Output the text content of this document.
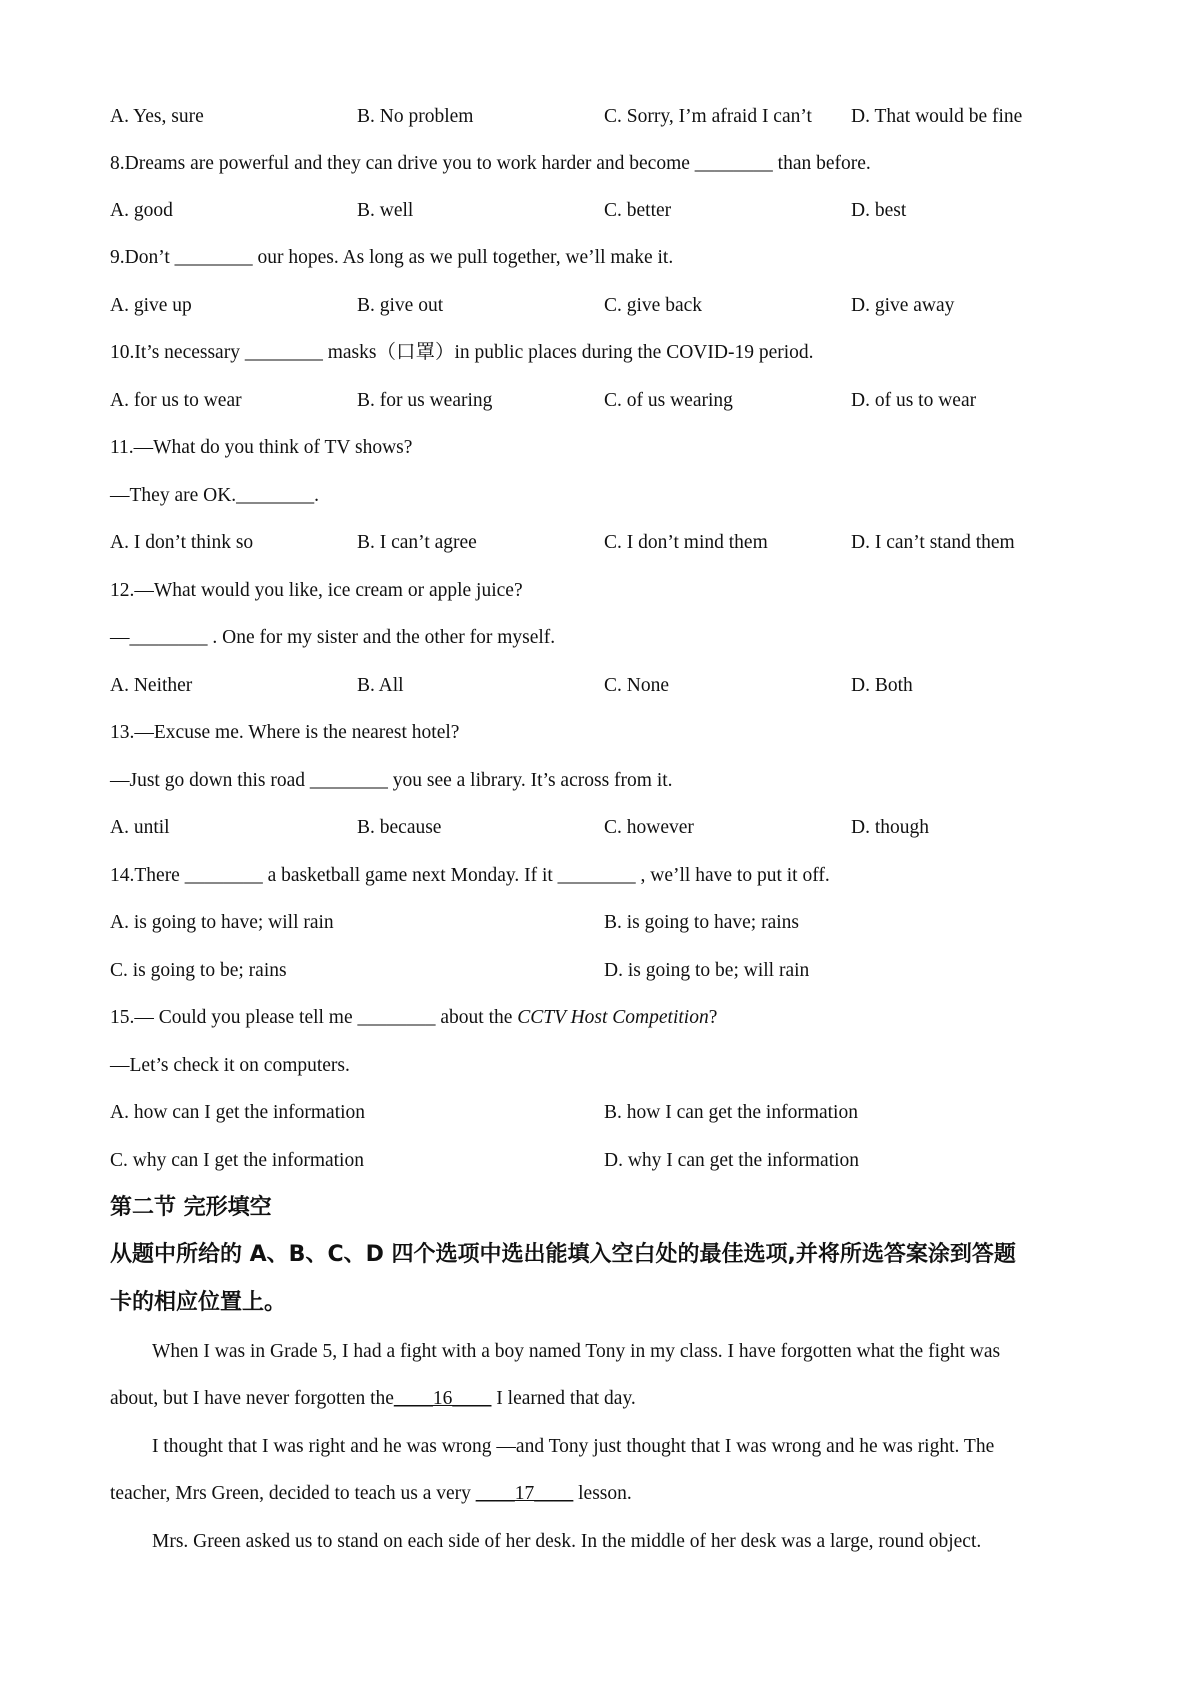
A. Yes, sure	B. No problem	C. Sorry, I’m afraid I can’t D. That would be fine
8.Dreams are powerful and they can drive you to work harder and become ________ than before.
A. good	B. well	C. better	D. best
9.Don’t ________ our hopes. As long as we pull together, we’ll make it.
A. give up	B. give out	C. give back	D. give away
10.It’s necessary ________ masks（口罩）in public places during the COVID-19 period.
A. for us to wear	B. for us wearing	C. of us wearing	D. of us to wear
11.—What do you think of TV shows?
—They are OK.________.
A. I don’t think so	B. I can’t agree	C. I don’t mind them	D. I can’t stand them
12.—What would you like, ice cream or apple juice?
—________ . One for my sister and the other for myself.
A. Neither	B. All	C. None	D. Both
13.—Excuse me. Where is the nearest hotel?
—Just go down this road ________ you see a library. It’s across from it.
A. until	B. because	C. however	D. though
14.There ________ a basketball game next Monday. If it ________ , we’ll have to put it off.
A. is going to have; will rain	B. is going to have; rains
C. is going to be; rains	D. is going to be; will rain
15.— Could you please tell me ________ about the CCTV Host Competition?
—Let’s check it on computers.
A. how can I get the information	B. how I can get the information
C. why can I get the information	D. why I can get the information
第二节 完形填空
从题中所给的 A、B、C、D 四个选项中选出能填入空白处的最佳选项,并将所选答案涂到答题
卡的相应位置上。
When I was in Grade 5, I had a fight with a boy named Tony in my class. I have forgotten what the fight was
about, but I have never forgotten the____16____ I learned that day.
I thought that I was right and he was wrong —and Tony just thought that I was wrong and he was right. The
teacher, Mrs Green, decided to teach us a very ____17____ lesson.
Mrs. Green asked us to stand on each side of her desk. In the middle of her desk was a large, round object.
